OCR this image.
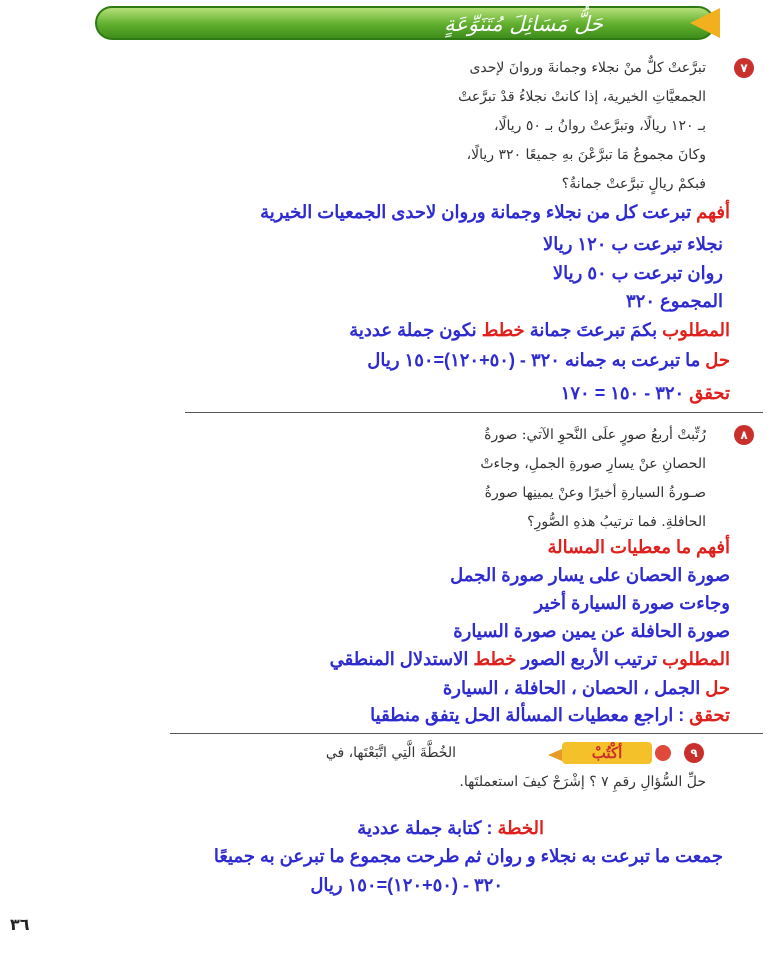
حَلُّ مَسَائِلَ مُتَنَوِّعَةٍ
٧
تبرَّعتْ كلٌّ منْ نجلاء وجمانةَ وروانَ لإحدى
الجمعيَّاتِ الخيرية، إذا كانتْ نجلاءُ قدْ تبرَّعتْ
بـ ١٢٠ ريالًا، وتبرَّعتْ روانُ بـ ٥٠ ريالًا،
وكانَ مجموعُ مَا تبرَّعْنَ بهِ جميعًا ٣٢٠ ريالًا،
فبكمْ ريالٍ تبرَّعتْ جمانةُ؟
أفهم تبرعت كل من نجلاء وجمانة وروان لاحدى الجمعيات الخيرية
نجلاء تبرعت ب ١٢٠ ريالا
روان تبرعت ب ٥٠ ريالا
المجموع ٣٢٠
المطلوب بكمَ تبرعتَ جمانة خطط نكون جملة عددية
حل ما تبرعت به جمانه ٣٢٠ - (٥٠+١٢٠)=١٥٠ ريال
تحقق ٣٢٠ - ١٥٠ = ١٧٠
٨
رُتِّبتْ أربعُ صورٍ علَى النَّحوِ الآتي: صورةُ
الحصانِ عنْ يسارِ صورةِ الجملِ، وجاءتْ
صـورةُ السيارةِ أخيرًا وعنْ يمينِها صورةُ
الحافلةِ. فما ترتيبُ هذهِ الصُّورِ؟
أفهم ما معطيات المسالة
صورة الحصان على يسار صورة الجمل
وجاءت صورة السيارة أخير
صورة الحافلة عن يمين صورة السيارة
المطلوب ترتيب الأربع الصور خطط الاستدلال المنطقي
حل الجمل ، الحصان ، الحافلة ، السيارة
تحقق : اراجع معطيات المسألة الحل يتفق منطقيا
٩
أكْتُبْ
الخُطَّةَ الَّتِي اتَّبَعْتَها، في
حلِّ السُّؤالِ رقمِ ٧ ؟ إشْرَحْ كيفَ استعملتَها.
الخطة : كتابة جملة عددية
جمعت ما تبرعت به نجلاء و روان ثم طرحت مجموع ما تبرعن به جميعًا
٣٢٠ - (٥٠+١٢٠)=١٥٠ ريال
٣٦
